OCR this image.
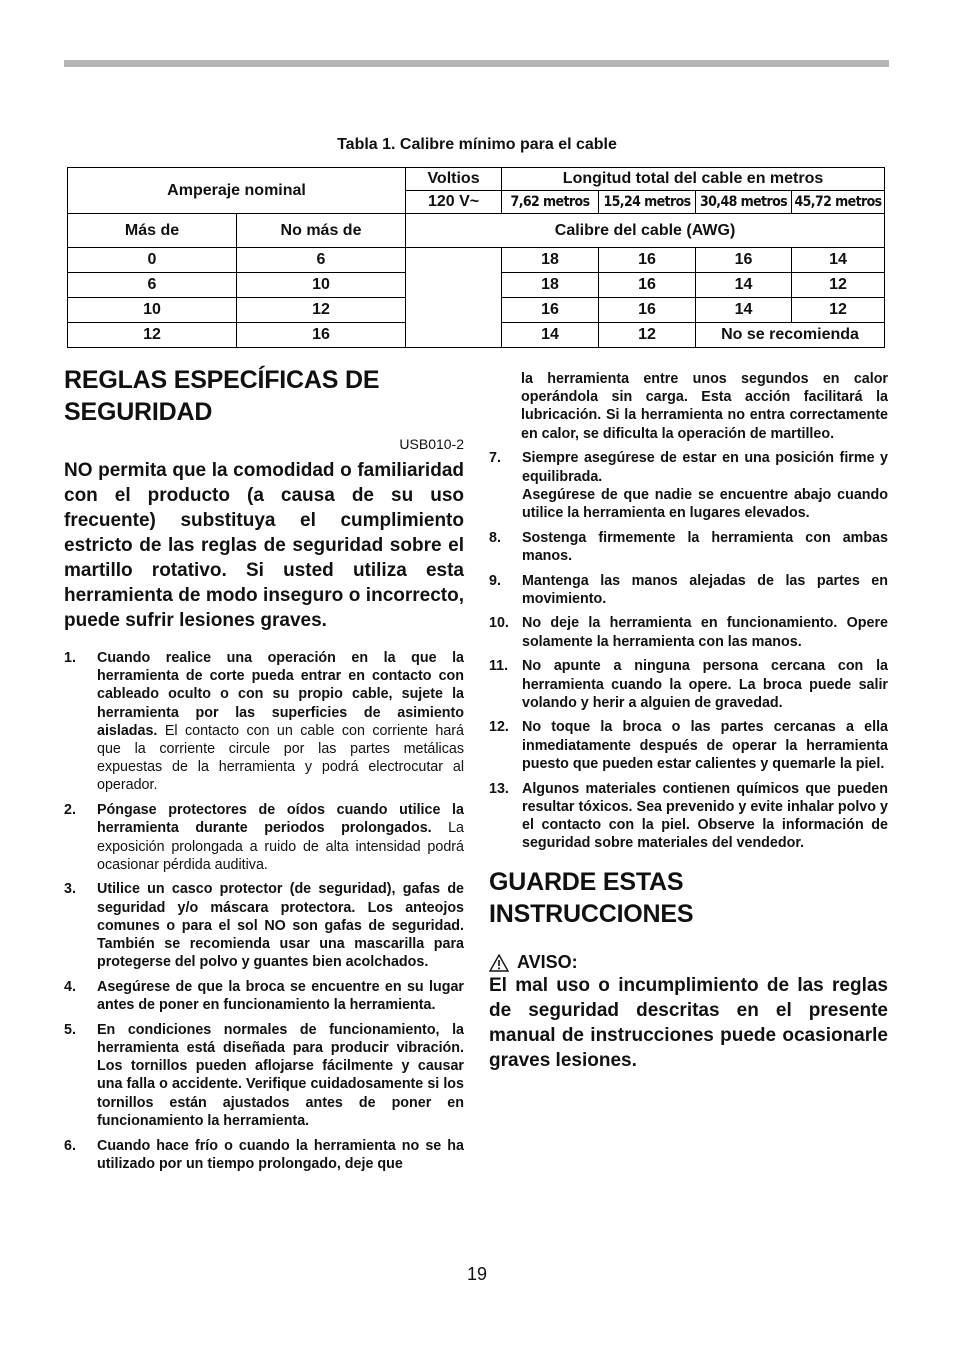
Tabla 1. Calibre mínimo para el cable
Amperaje nominal		Voltios	Longitud total del cable en metros			
		120 V~	7,62 metros	15,24 metros	30,48 metros	45,72 metros
Más de	No más de	Calibre del cable (AWG)				
0	6		18	16	16	14
6	10		18	16	14	12
10	12		16	16	14	12
12	16		14	12	No se recomienda	
REGLAS ESPECÍFICAS DE
SEGURIDAD
USB010-2
NO permita que la comodidad o familiaridad con el producto (a causa de su uso frecuente) substituya el cumplimiento estricto de las reglas de seguridad sobre el martillo rotativo. Si usted utiliza esta herramienta de modo inseguro o incorrecto, puede sufrir lesiones graves.
1. Cuando realice una operación en la que la herramienta de corte pueda entrar en contacto con cableado oculto o con su propio cable, sujete la herramienta por las superficies de asimiento aisladas. El contacto con un cable con corriente hará que la corriente circule por las partes metálicas expuestas de la herramienta y podrá electrocutar al operador.
2. Póngase protectores de oídos cuando utilice la herramienta durante periodos prolongados. La exposición prolongada a ruido de alta intensidad podrá ocasionar pérdida auditiva.
3. Utilice un casco protector (de seguridad), gafas de seguridad y/o máscara protectora. Los anteojos comunes o para el sol NO son gafas de seguridad. También se recomienda usar una mascarilla para protegerse del polvo y guantes bien acolchados.
4. Asegúrese de que la broca se encuentre en su lugar antes de poner en funcionamiento la herramienta.
5. En condiciones normales de funcionamiento, la herramienta está diseñada para producir vibración. Los tornillos pueden aflojarse fácilmente y causar una falla o accidente. Verifique cuidadosamente si los tornillos están ajustados antes de poner en funcionamiento la herramienta.
6. Cuando hace frío o cuando la herramienta no se ha utilizado por un tiempo prolongado, deje que
la herramienta entre unos segundos en calor operándola sin carga. Esta acción facilitará la lubricación. Si la herramienta no entra correctamente en calor, se dificulta la operación de martilleo.
7. Siempre asegúrese de estar en una posición firme y equilibrada.
Asegúrese de que nadie se encuentre abajo cuando utilice la herramienta en lugares elevados.
8. Sostenga firmemente la herramienta con ambas manos.
9. Mantenga las manos alejadas de las partes en movimiento.
10. No deje la herramienta en funcionamiento. Opere solamente la herramienta con las manos.
11. No apunte a ninguna persona cercana con la herramienta cuando la opere. La broca puede salir volando y herir a alguien de gravedad.
12. No toque la broca o las partes cercanas a ella inmediatamente después de operar la herramienta puesto que pueden estar calientes y quemarle la piel.
13. Algunos materiales contienen químicos que pueden resultar tóxicos. Sea prevenido y evite inhalar polvo y el contacto con la piel. Observe la información de seguridad sobre materiales del vendedor.
GUARDE ESTAS
INSTRUCCIONES
AVISO:
El mal uso o incumplimiento de las reglas de seguridad descritas en el presente manual de instrucciones puede ocasionarle graves lesiones.
19
